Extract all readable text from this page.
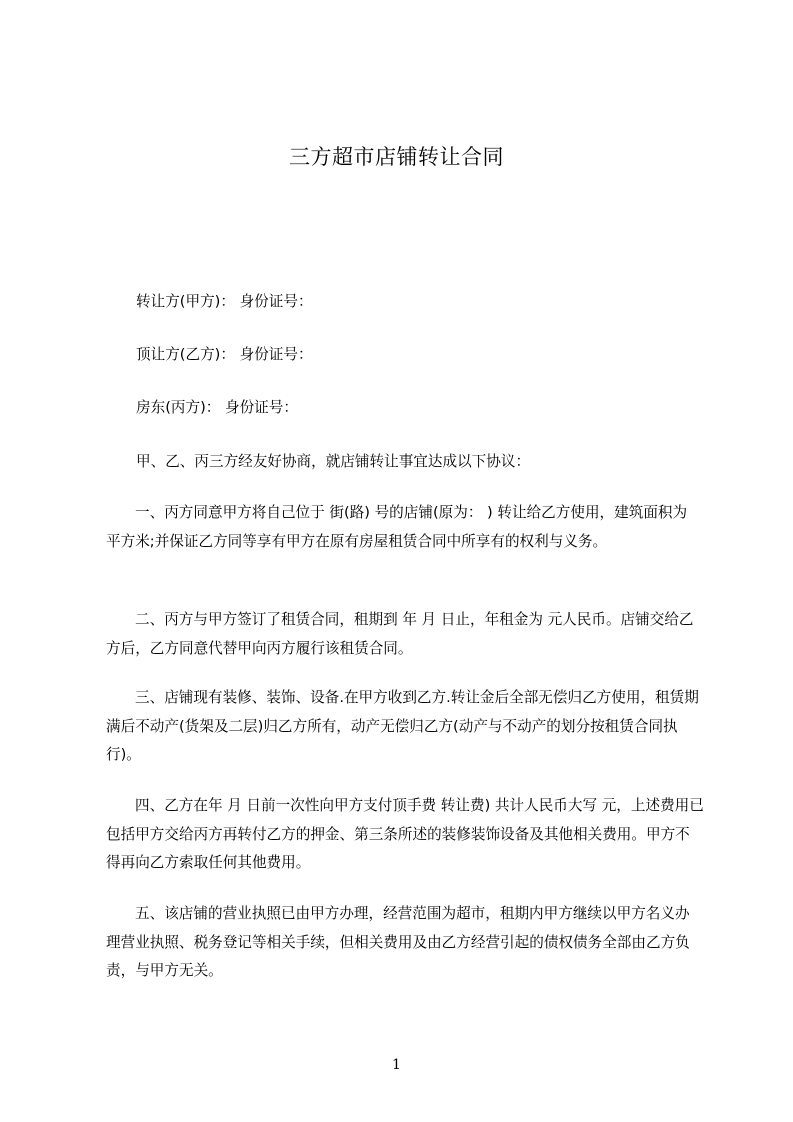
三方超市店铺转让合同

转让方(甲方)： 身份证号：

顶让方(乙方)： 身份证号：

房东(丙方)： 身份证号：

甲、乙、丙三方经友好协商，就店铺转让事宜达成以下协议：

一、丙方同意甲方将自己位于 街(路) 号的店铺(原为： ) 转让给乙方使用，建筑面积为 平方米;并保证乙方同等享有甲方在原有房屋租赁合同中所享有的权利与义务。

二、丙方与甲方签订了租赁合同，租期到 年 月 日止，年租金为 元人民币。店铺交给乙方后，乙方同意代替甲向丙方履行该租赁合同。

三、店铺现有装修、装饰、设备.在甲方收到乙方.转让金后全部无偿归乙方使用，租赁期满后不动产(货架及二层)归乙方所有，动产无偿归乙方(动产与不动产的划分按租赁合同执行)。

四、乙方在年 月 日前一次性向甲方支付顶手费 转让费) 共计人民币大写 元，上述费用已包括甲方交给丙方再转付乙方的押金、第三条所述的装修装饰设备及其他相关费用。甲方不得再向乙方索取任何其他费用。

五、该店铺的营业执照已由甲方办理，经营范围为超市，租期内甲方继续以甲方名义办理营业执照、税务登记等相关手续，但相关费用及由乙方经营引起的债权债务全部由乙方负责，与甲方无关。

1
